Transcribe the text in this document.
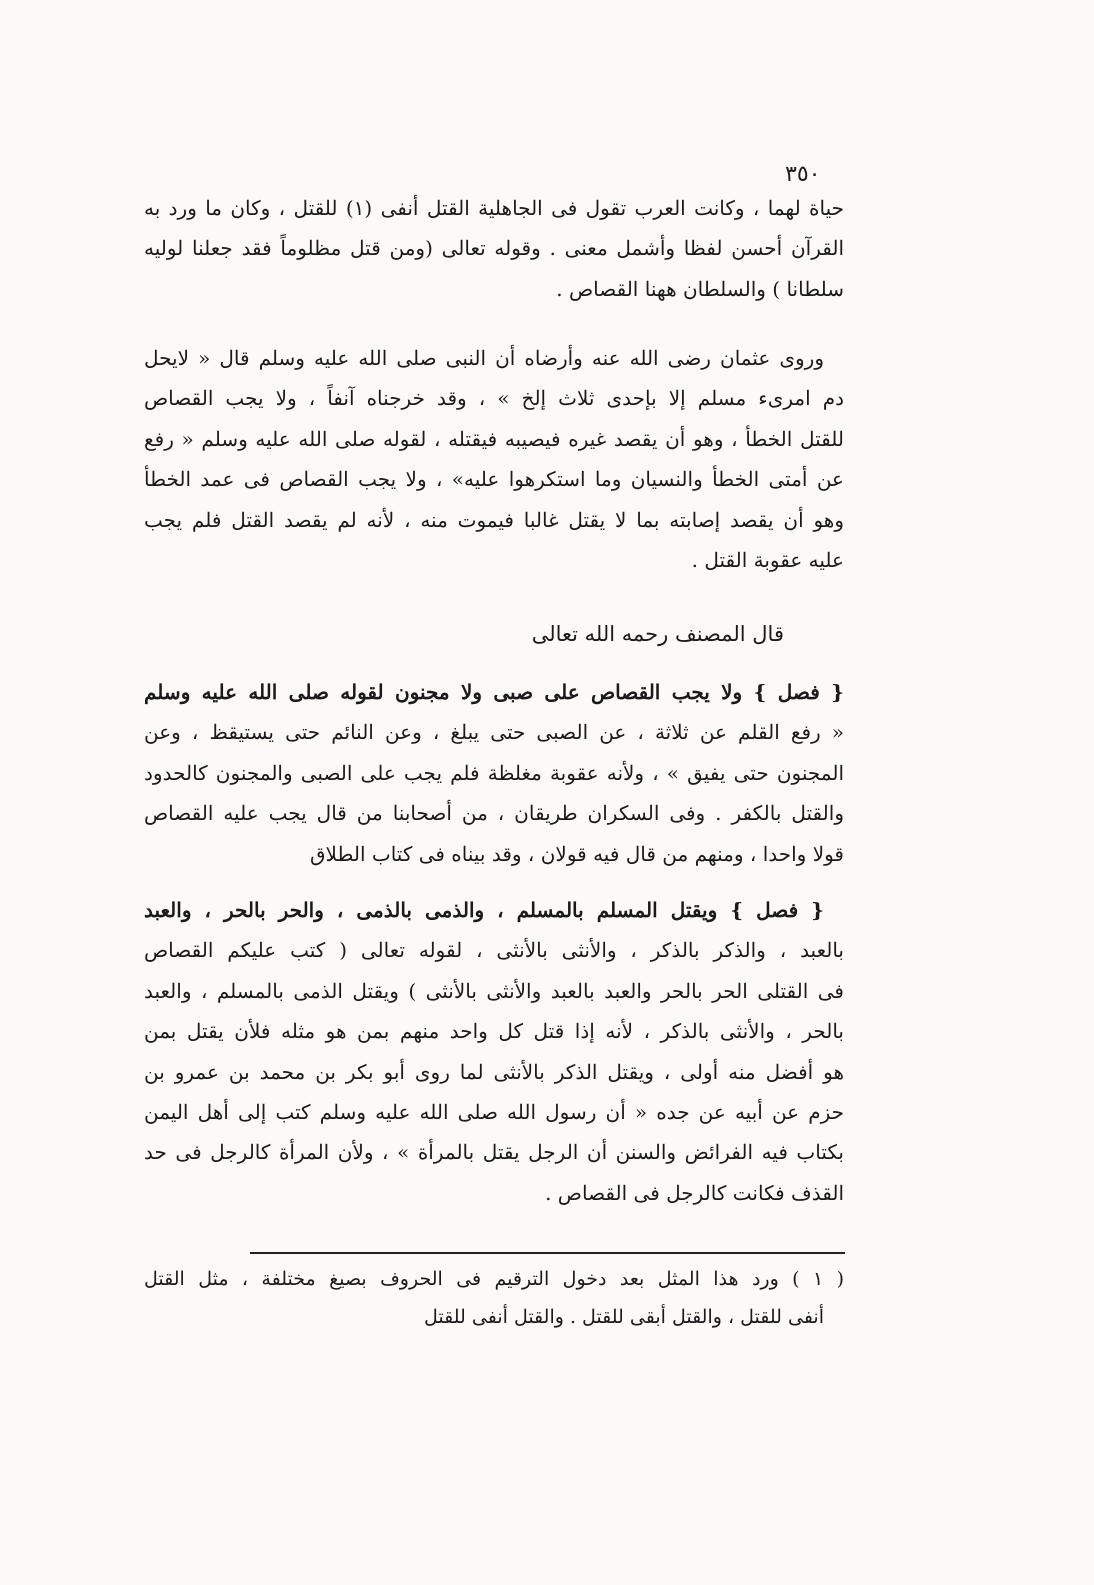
٣٥٠
حياة لهما ، وكانت العرب تقول فى الجاهلية القتل أنفى (١) للقتل ، وكان ما ورد به
القرآن أحسن لفظا وأشمل معنى . وقوله تعالى (ومن قتل مظلوماً فقد جعلنا لوليه
سلطانا ) والسلطان ههنا القصاص .
وروى عثمان رضى الله عنه وأرضاه أن النبى صلى الله عليه وسلم قال « لايحل
دم امرىء مسلم إلا بإحدى ثلاث إلخ » ، وقد خرجناه آنفاً ، ولا يجب القصاص
للقتل الخطأ ، وهو أن يقصد غيره فيصيبه فيقتله ، لقوله صلى الله عليه وسلم « رفع
عن أمتى الخطأ والنسيان وما استكرهوا عليه» ، ولا يجب القصاص فى عمد الخطأ
وهو أن يقصد إصابته بما لا يقتل غالبا فيموت منه ، لأنه لم يقصد القتل فلم يجب
عليه عقوبة القتل .
قال المصنف رحمه الله تعالى
{ فصل } ولا يجب القصاص على صبى ولا مجنون لقوله صلى الله عليه وسلم
« رفع القلم عن ثلاثة ، عن الصبى حتى يبلغ ، وعن النائم حتى يستيقظ ، وعن
المجنون حتى يفيق » ، ولأنه عقوبة مغلظة فلم يجب على الصبى والمجنون كالحدود
والقتل بالكفر . وفى السكران طريقان ، من أصحابنا من قال يجب عليه القصاص
قولا واحدا ، ومنهم من قال فيه قولان ، وقد بيناه فى كتاب الطلاق
{ فصل } ويقتل المسلم بالمسلم ، والذمى بالذمى ، والحر بالحر ، والعبد
بالعبد ، والذكر بالذكر ، والأنثى بالأنثى ، لقوله تعالى ( كتب عليكم القصاص
فى القتلى الحر بالحر والعبد بالعبد والأنثى بالأنثى ) ويقتل الذمى بالمسلم ، والعبد
بالحر ، والأنثى بالذكر ، لأنه إذا قتل كل واحد منهم بمن هو مثله فلأن يقتل بمن
هو أفضل منه أولى ، ويقتل الذكر بالأنثى لما روى أبو بكر بن محمد بن عمرو بن
حزم عن أبيه عن جده « أن رسول الله صلى الله عليه وسلم كتب إلى أهل اليمن
بكتاب فيه الفرائض والسنن أن الرجل يقتل بالمرأة » ، ولأن المرأة كالرجل فى حد
القذف فكانت كالرجل فى القصاص .
( ١ ) ورد هذا المثل بعد دخول الترقيم فى الحروف بصيغ مختلفة ، مثل القتل
أنفى للقتل ، والقتل أبقى للقتل . والقتل أنفى للقتل
